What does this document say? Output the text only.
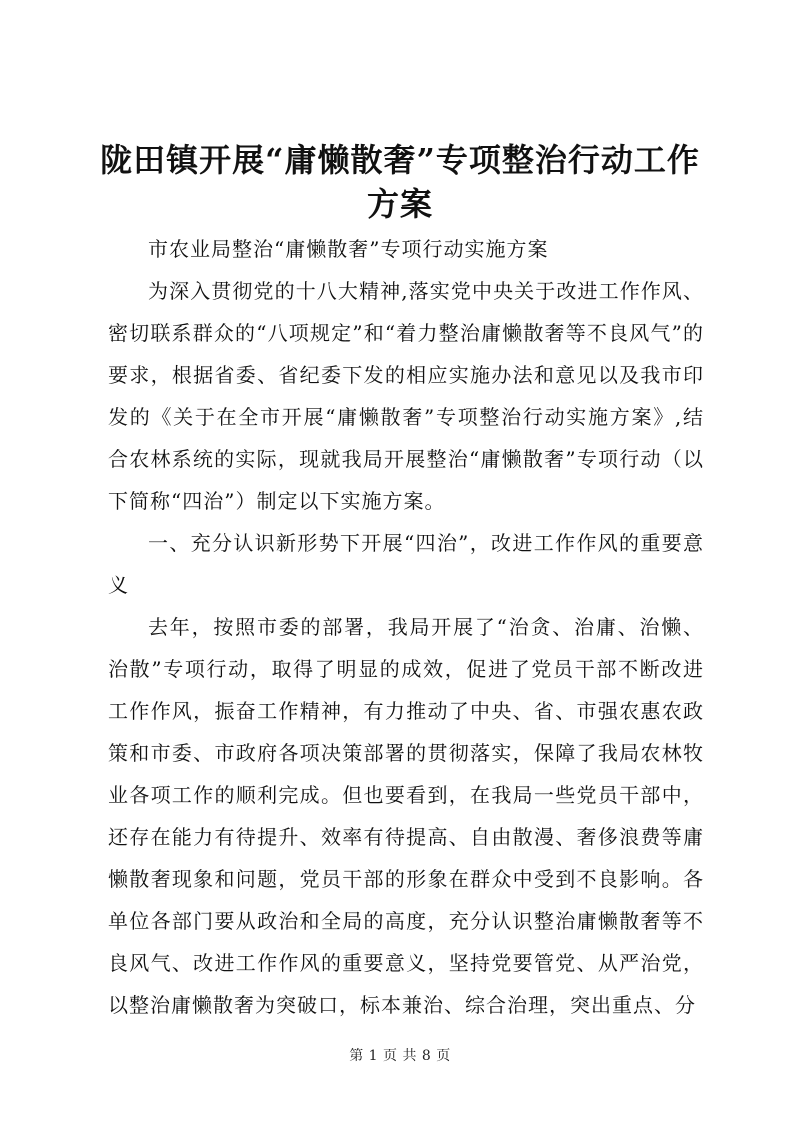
陇田镇开展“庸懒散奢”专项整治行动工作方案

市农业局整治“庸懒散奢”专项行动实施方案

为深入贯彻党的十八大精神,落实党中央关于改进工作作风、密切联系群众的“八项规定”和“着力整治庸懒散奢等不良风气”的要求，根据省委、省纪委下发的相应实施办法和意见以及我市印发的《关于在全市开展“庸懒散奢”专项整治行动实施方案》,结合农林系统的实际，现就我局开展整治“庸懒散奢”专项行动（以下简称“四治”）制定以下实施方案。

一、充分认识新形势下开展“四治”，改进工作作风的重要意义

去年，按照市委的部署，我局开展了“治贪、治庸、治懒、治散”专项行动，取得了明显的成效，促进了党员干部不断改进工作作风，振奋工作精神，有力推动了中央、省、市强农惠农政策和市委、市政府各项决策部署的贯彻落实，保障了我局农林牧业各项工作的顺利完成。但也要看到，在我局一些党员干部中，还存在能力有待提升、效率有待提高、自由散漫、奢侈浪费等庸懒散奢现象和问题，党员干部的形象在群众中受到不良影响。各单位各部门要从政治和全局的高度，充分认识整治庸懒散奢等不良风气、改进工作作风的重要意义，坚持党要管党、从严治党，以整治庸懒散奢为突破口，标本兼治、综合治理，突出重点、分

第 1 页 共 8 页
